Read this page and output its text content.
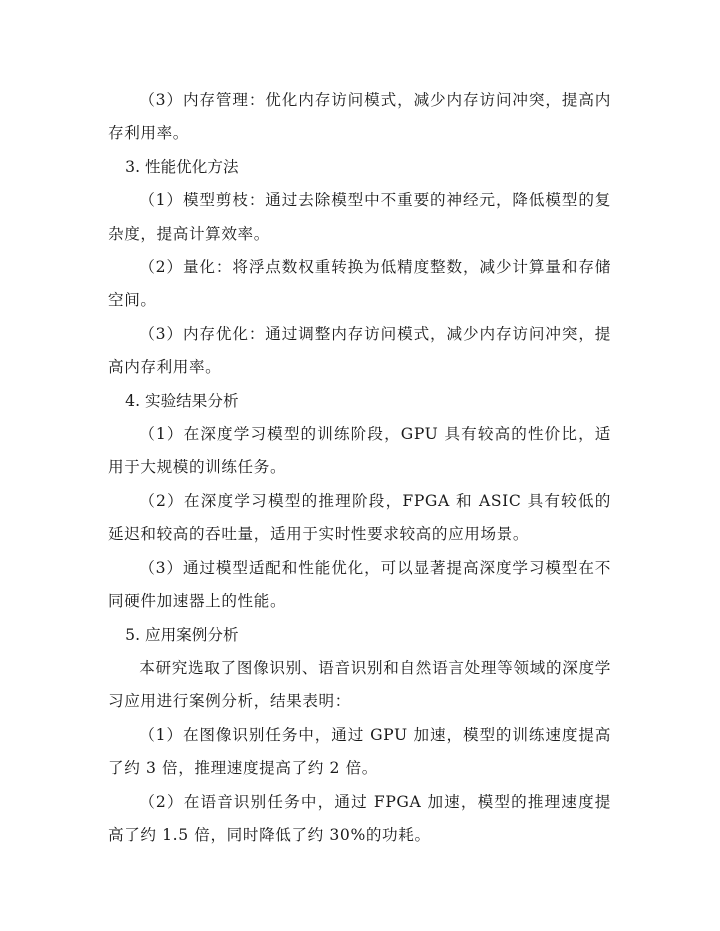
（3）内存管理：优化内存访问模式，减少内存访问冲突，提高内存利用率。

3. 性能优化方法

（1）模型剪枝：通过去除模型中不重要的神经元，降低模型的复杂度，提高计算效率。

（2）量化：将浮点数权重转换为低精度整数，减少计算量和存储空间。

（3）内存优化：通过调整内存访问模式，减少内存访问冲突，提高内存利用率。

4. 实验结果分析

（1）在深度学习模型的训练阶段，GPU 具有较高的性价比，适用于大规模的训练任务。

（2）在深度学习模型的推理阶段，FPGA 和 ASIC 具有较低的延迟和较高的吞吐量，适用于实时性要求较高的应用场景。

（3）通过模型适配和性能优化，可以显著提高深度学习模型在不同硬件加速器上的性能。

5. 应用案例分析

本研究选取了图像识别、语音识别和自然语言处理等领域的深度学习应用进行案例分析，结果表明：

（1）在图像识别任务中，通过 GPU 加速，模型的训练速度提高了约 3 倍，推理速度提高了约 2 倍。

（2）在语音识别任务中，通过 FPGA 加速，模型的推理速度提高了约 1.5 倍，同时降低了约 30%的功耗。
